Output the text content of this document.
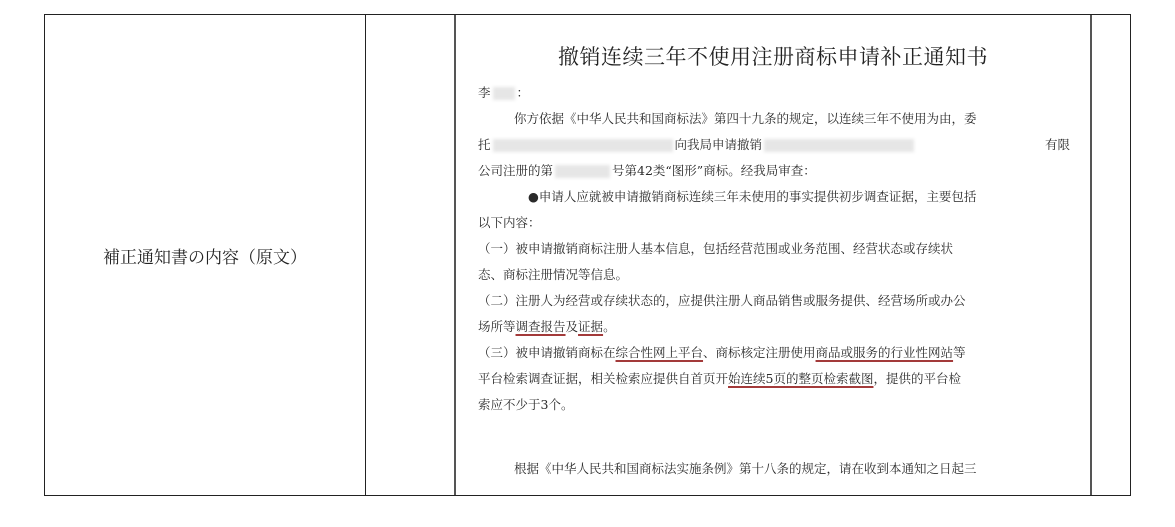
補正通知書の内容（原文）
撤销连续三年不使用注册商标申请补正通知书
李 ：
你方依据《中华人民共和国商标法》第四十九条的规定，以连续三年不使用为由，委
托	向我局申请撤销	有限
公司注册的第	号第42类“图形”商标。经我局审查：
●申请人应就被申请撤销商标连续三年未使用的事实提供初步调查证据，主要包括
以下内容：
（一）被申请撤销商标注册人基本信息，包括经营范围或业务范围、经营状态或存续状
态、商标注册情况等信息。
（二）注册人为经营或存续状态的，应提供注册人商品销售或服务提供、经营场所或办公
场所等调查报告及证据。
（三）被申请撤销商标在综合性网上平台、商标核定注册使用商品或服务的行业性网站等
平台检索调查证据，相关检索应提供自首页开始连续5页的整页检索截图，提供的平台检
索应不少于3个。
根据《中华人民共和国商标法实施条例》第十八条的规定，请在收到本通知之日起三
